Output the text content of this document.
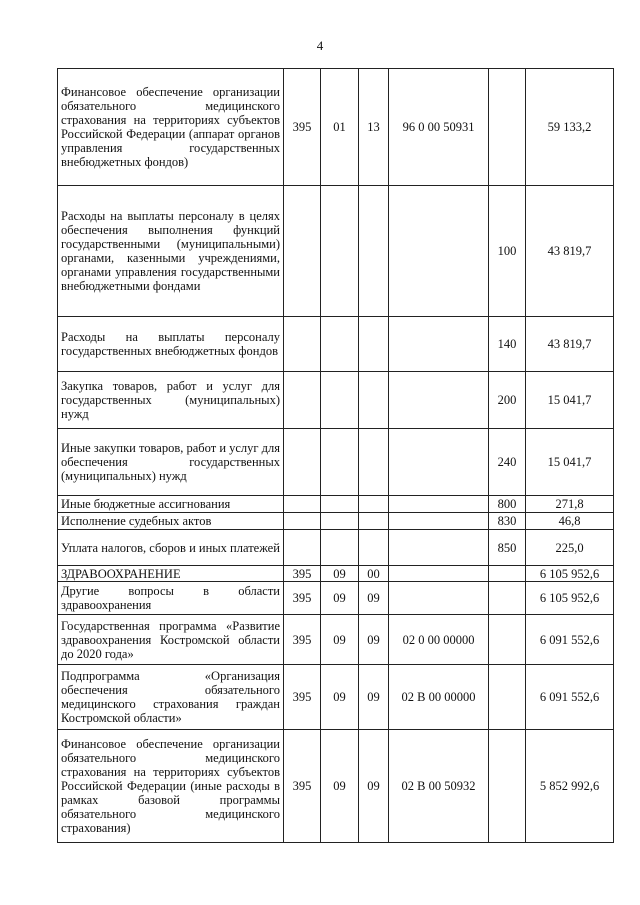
4
Финансовое обеспечение организации обязательного медицинского страхования на территориях субъектов Российской Федерации (аппарат органов управления государственных внебюджетных фондов)	395	01	13	96 0 00 50931		59 133,2
Расходы на выплаты персоналу в целях обеспечения выполнения функций государственными (муниципальными) органами, казенными учреждениями, органами управления государственными внебюджетными фондами					100	43 819,7
Расходы на выплаты персоналу государственных внебюджетных фондов					140	43 819,7
Закупка товаров, работ и услуг для государственных (муниципальных) нужд					200	15 041,7
Иные закупки товаров, работ и услуг для обеспечения государственных (муниципальных) нужд					240	15 041,7
Иные бюджетные ассигнования					800	271,8
Исполнение судебных актов					830	46,8
Уплата налогов, сборов и иных платежей					850	225,0
ЗДРАВООХРАНЕНИЕ	395	09	00			6 105 952,6
Другие вопросы в области здравоохранения	395	09	09			6 105 952,6
Государственная программа «Развитие здравоохранения Костромской области до 2020 года»	395	09	09	02 0 00 00000		6 091 552,6
Подпрограмма «Организация обеспечения обязательного медицинского страхования граждан Костромской области»	395	09	09	02 В 00 00000		6 091 552,6
Финансовое обеспечение организации обязательного медицинского страхования на территориях субъектов Российской Федерации (иные расходы в рамках базовой программы обязательного медицинского страхования)	395	09	09	02 В 00 50932		5 852 992,6
